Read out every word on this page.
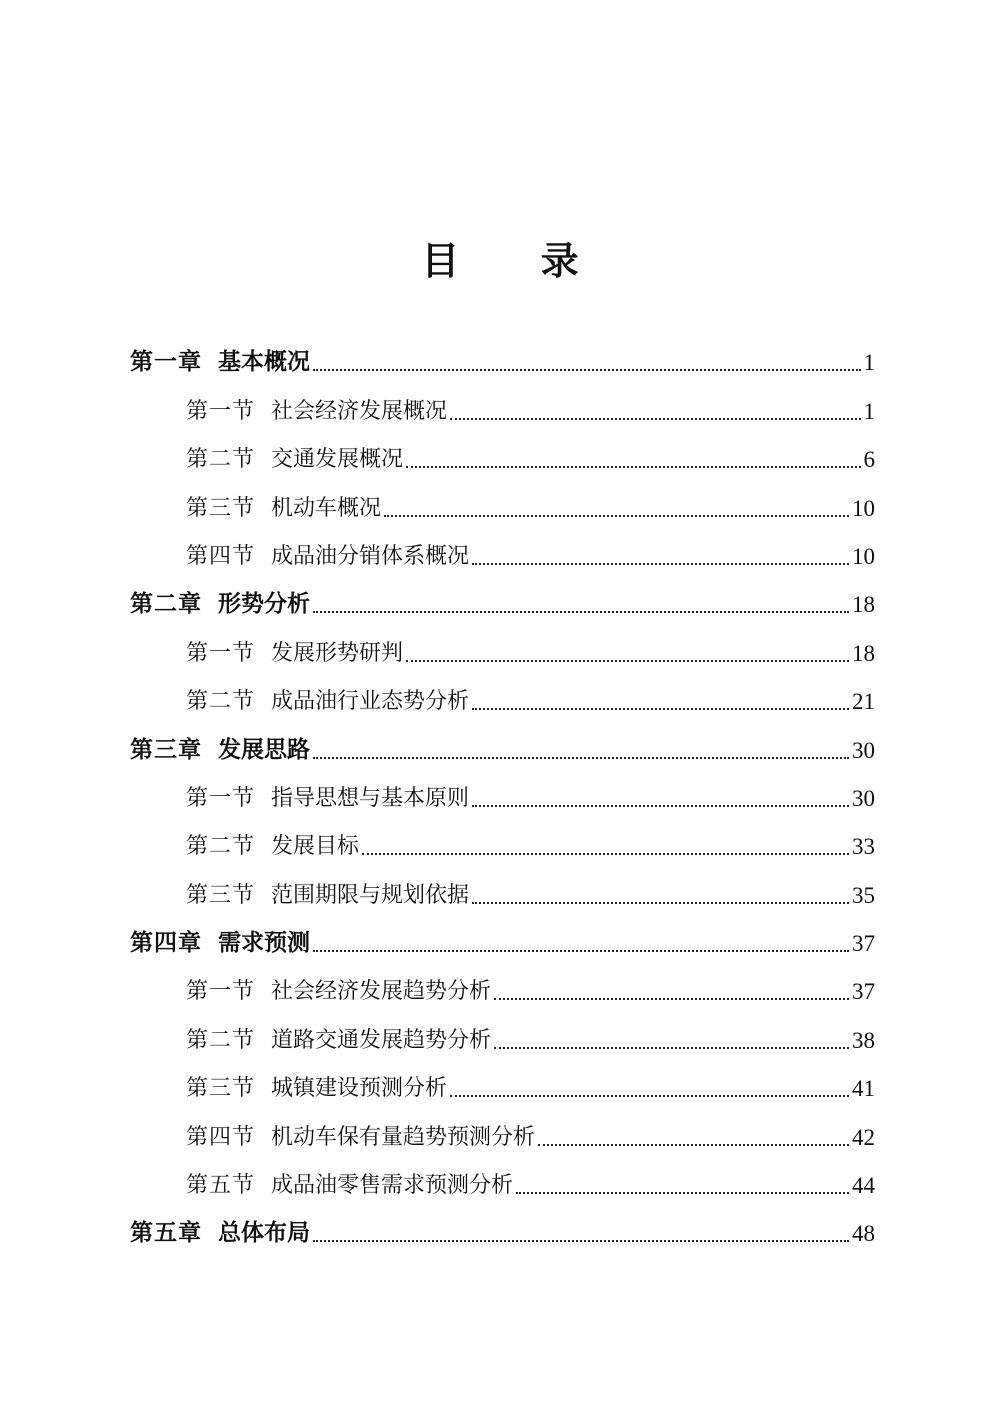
目 录
第一章 基本概况	1
第一节 社会经济发展概况	1
第二节 交通发展概况	6
第三节 机动车概况	10
第四节 成品油分销体系概况	10
第二章 形势分析	18
第一节 发展形势研判	18
第二节 成品油行业态势分析	21
第三章 发展思路	30
第一节 指导思想与基本原则	30
第二节 发展目标	33
第三节 范围期限与规划依据	35
第四章 需求预测	37
第一节 社会经济发展趋势分析	37
第二节 道路交通发展趋势分析	38
第三节 城镇建设预测分析	41
第四节 机动车保有量趋势预测分析	42
第五节 成品油零售需求预测分析	44
第五章 总体布局	48
